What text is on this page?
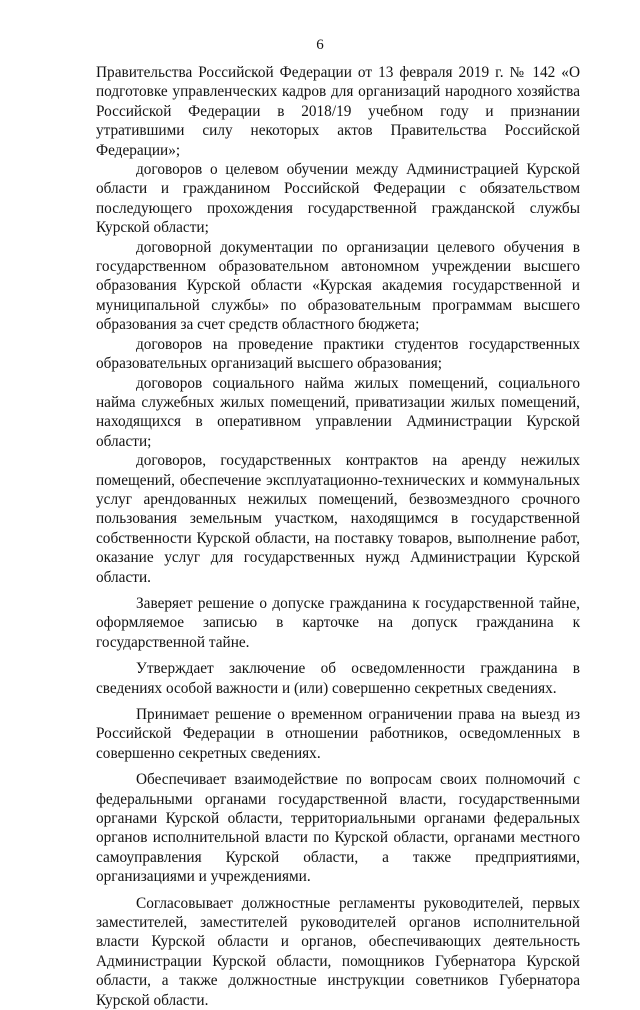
6

Правительства Российской Федерации от 13 февраля 2019 г. № 142 «О подготовке управленческих кадров для организаций народного хозяйства Российской Федерации в 2018/19 учебном году и признании утратившими силу некоторых актов Правительства Российской Федерации»;

договоров о целевом обучении между Администрацией Курской области и гражданином Российской Федерации с обязательством последующего прохождения государственной гражданской службы Курской области;

договорной документации по организации целевого обучения в государственном образовательном автономном учреждении высшего образования Курской области «Курская академия государственной и муниципальной службы» по образовательным программам высшего образования за счет средств областного бюджета;

договоров на проведение практики студентов государственных образовательных организаций высшего образования;

договоров социального найма жилых помещений, социального найма служебных жилых помещений, приватизации жилых помещений, находящихся в оперативном управлении Администрации Курской области;

договоров, государственных контрактов на аренду нежилых помещений, обеспечение эксплуатационно-технических и коммунальных услуг арендованных нежилых помещений, безвозмездного срочного пользования земельным участком, находящимся в государственной собственности Курской области, на поставку товаров, выполнение работ, оказание услуг для государственных нужд Администрации Курской области.

Заверяет решение о допуске гражданина к государственной тайне, оформляемое записью в карточке на допуск гражданина к государственной тайне.

Утверждает заключение об осведомленности гражданина в сведениях особой важности и (или) совершенно секретных сведениях.

Принимает решение о временном ограничении права на выезд из Российской Федерации в отношении работников, осведомленных в совершенно секретных сведениях.

Обеспечивает взаимодействие по вопросам своих полномочий с федеральными органами государственной власти, государственными органами Курской области, территориальными органами федеральных органов исполнительной власти по Курской области, органами местного самоуправления Курской области, а также предприятиями, организациями и учреждениями.

Согласовывает должностные регламенты руководителей, первых заместителей, заместителей руководителей органов исполнительной власти Курской области и органов, обеспечивающих деятельность Администрации Курской области, помощников Губернатора Курской области, а также должностные инструкции советников Губернатора Курской области.
